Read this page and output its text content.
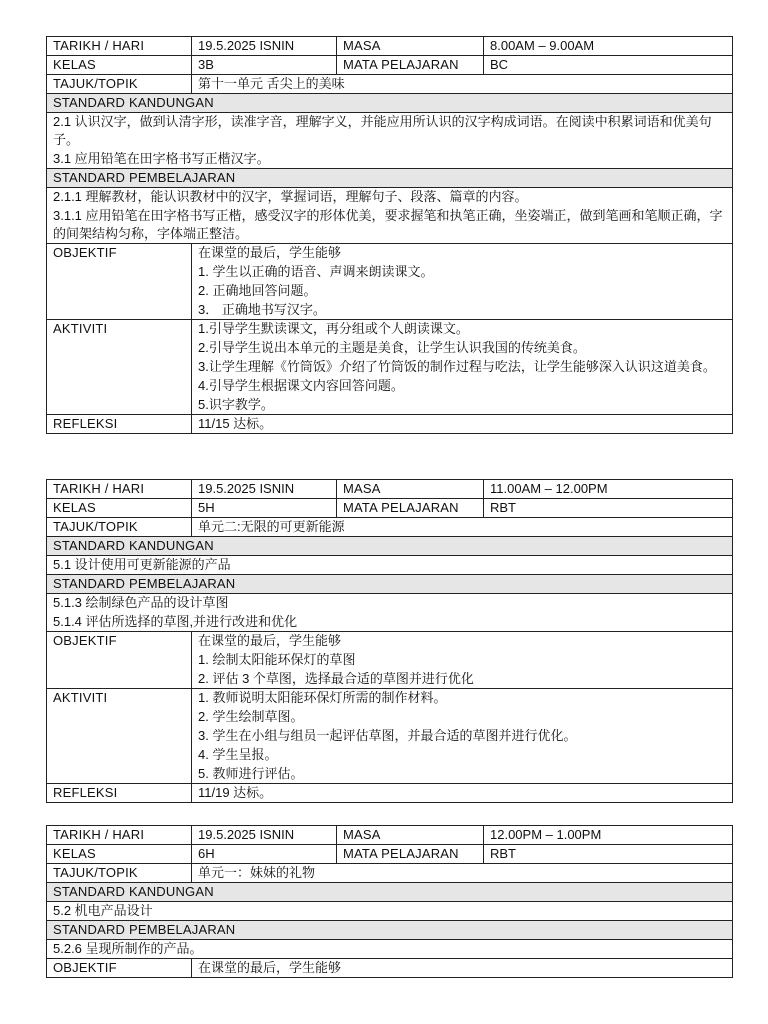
TARIKH / HARI	19.5.2025 ISNIN	MASA	8.00AM – 9.00AM
KELAS	3B	MATA PELAJARAN	BC
TAJUK/TOPIK	第十一单元 舌尖上的美味		
STANDARD KANDUNGAN			

2.1 认识汉字，做到认清字形，读准字音，理解字义，并能应用所认识的汉字构成词语。在阅读中积累词语和优美句子。
3.1 应用铅笔在田字格书写正楷汉字。			

STANDARD PEMBELAJARAN			

2.1.1 理解教材，能认识教材中的汉字，掌握词语，理解句子、段落、篇章的内容。
3.1.1 应用铅笔在田字格书写正楷，感受汉字的形体优美，要求握笔和执笔正确，坐姿端正，做到笔画和笔顺正确，字的间架结构匀称，字体端正整洁。			

OBJEKTIF	在课堂的最后，学生能够
1. 学生以正确的语音、声调来朗读课文。
2. 正确地回答问题。
3． 正确地书写汉字。		

AKTIVITI	1.引导学生默读课文，再分组或个人朗读课文。
2.引导学生说出本单元的主题是美食，让学生认识我国的传统美食。
3.让学生理解《竹筒饭》介绍了竹筒饭的制作过程与吃法，让学生能够深入认识这道美食。
4.引导学生根据课文内容回答问题。
5.识字教学。		

REFLEKSI	11/15 达标。		
TARIKH / HARI	19.5.2025 ISNIN	MASA	11.00AM – 12.00PM
KELAS	5H	MATA PELAJARAN	RBT
TAJUK/TOPIK	单元二:无限的可更新能源		
STANDARD KANDUNGAN			

5.1 设计使用可更新能源的产品			

STANDARD PEMBELAJARAN			

5.1.3 绘制绿色产品的设计草图
5.1.4 评估所选择的草图,并进行改进和优化			

OBJEKTIF	在课堂的最后，学生能够
1. 绘制太阳能环保灯的草图
2. 评估 3 个草图，选择最合适的草图并进行优化		

AKTIVITI	1. 教师说明太阳能环保灯所需的制作材料。
2. 学生绘制草图。
3. 学生在小组与组员一起评估草图，并最合适的草图并进行优化。
4. 学生呈报。
5. 教师进行评估。		

REFLEKSI	11/19 达标。		
TARIKH / HARI	19.5.2025 ISNIN	MASA	12.00PM – 1.00PM
KELAS	6H	MATA PELAJARAN	RBT
TAJUK/TOPIK	单元一：妹妹的礼物		
STANDARD KANDUNGAN			

5.2 机电产品设计			

STANDARD PEMBELAJARAN			

5.2.6 呈现所制作的产品。			

OBJEKTIF	在课堂的最后，学生能够		
